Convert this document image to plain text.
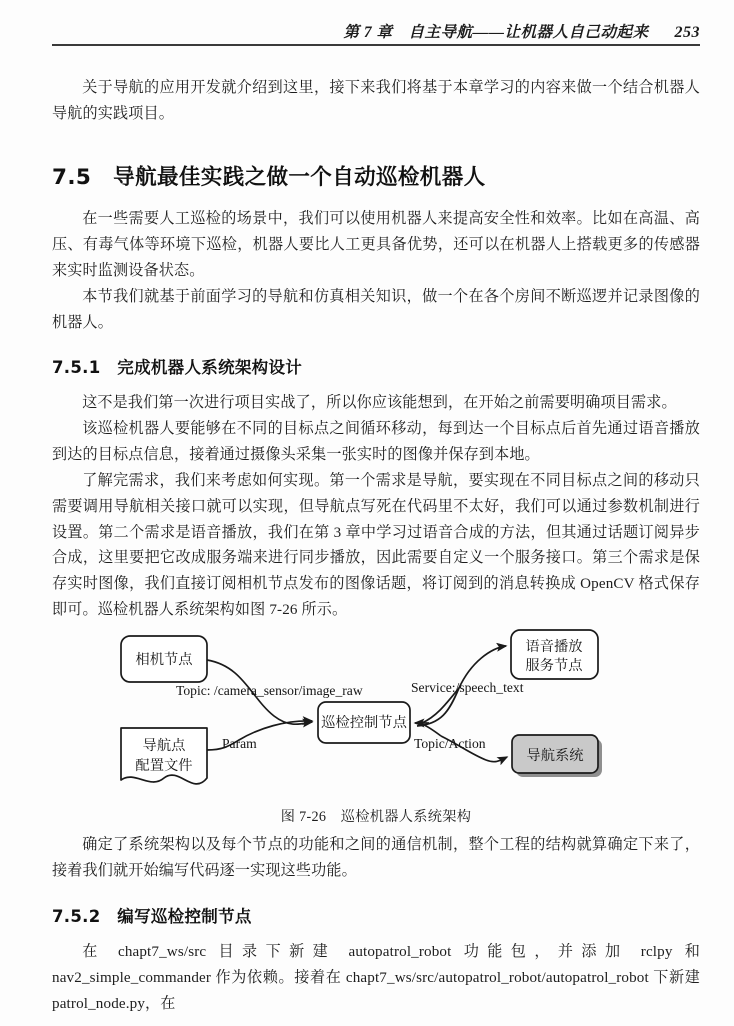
第 7 章　自主导航——让机器人自己动起来 253

关于导航的应用开发就介绍到这里，接下来我们将基于本章学习的内容来做一个结合机器人导航的实践项目。

7.5　导航最佳实践之做一个自动巡检机器人

在一些需要人工巡检的场景中，我们可以使用机器人来提高安全性和效率。比如在高温、高压、有毒气体等环境下巡检，机器人要比人工更具备优势，还可以在机器人上搭载更多的传感器来实时监测设备状态。

本节我们就基于前面学习的导航和仿真相关知识，做一个在各个房间不断巡逻并记录图像的机器人。

7.5.1　完成机器人系统架构设计

这不是我们第一次进行项目实战了，所以你应该能想到，在开始之前需要明确项目需求。

该巡检机器人要能够在不同的目标点之间循环移动，每到达一个目标点后首先通过语音播放到达的目标点信息，接着通过摄像头采集一张实时的图像并保存到本地。

了解完需求，我们来考虑如何实现。第一个需求是导航，要实现在不同目标点之间的移动只需要调用导航相关接口就可以实现，但导航点写死在代码里不太好，我们可以通过参数机制进行设置。第二个需求是语音播放，我们在第 3 章中学习过语音合成的方法，但其通过话题订阅异步合成，这里要把它改成服务端来进行同步播放，因此需要自定义一个服务接口。第三个需求是保存实时图像，我们直接订阅相机节点发布的图像话题，将订阅到的消息转换成 OpenCV 格式保存即可。巡检机器人系统架构如图 7-26 所示。

相机节点
导航点
配置文件
巡检控制节点
语音播放
服务节点
导航系统
Topic: /camera_sensor/image_raw
Param
Service:/speech_text
Topic/Action

图 7-26　巡检机器人系统架构

确定了系统架构以及每个节点的功能和之间的通信机制，整个工程的结构就算确定下来了，接着我们就开始编写代码逐一实现这些功能。

7.5.2　编写巡检控制节点

在 chapt7_ws/src 目录下新建 autopatrol_robot 功能包，并添加 rclpy 和 nav2_simple_commander 作为依赖。接着在 chapt7_ws/src/autopatrol_robot/autopatrol_robot 下新建 patrol_node.py，在
